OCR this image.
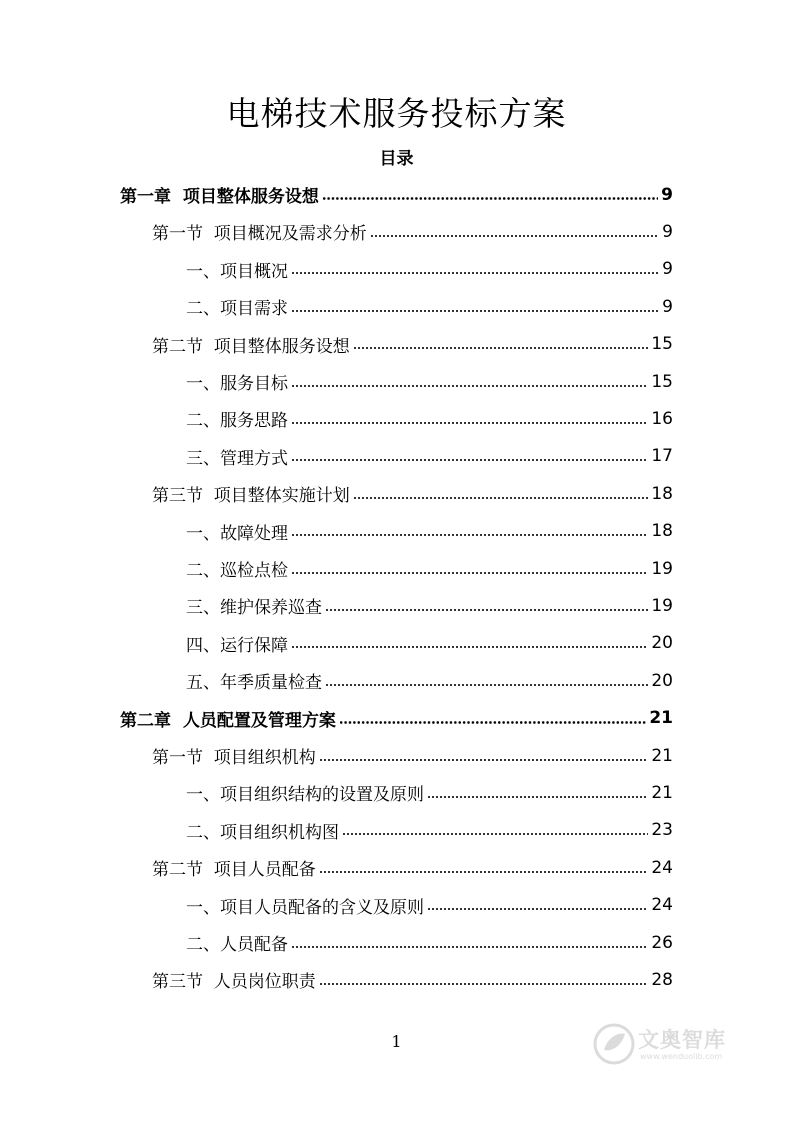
电梯技术服务投标方案
目录
第一章  项目整体服务设想	9
第一节  项目概况及需求分析	9
一、项目概况	9
二、项目需求	9
第二节  项目整体服务设想	15
一、服务目标	15
二、服务思路	16
三、管理方式	17
第三节  项目整体实施计划	18
一、故障处理	18
二、巡检点检	19
三、维护保养巡查	19
四、运行保障	20
五、年季质量检查	20
第二章  人员配置及管理方案	21
第一节  项目组织机构	21
一、项目组织结构的设置及原则	21
二、项目组织机构图	23
第二节  项目人员配备	24
一、项目人员配备的含义及原则	24
二、人员配备	26
第三节  人员岗位职责	28
1	文奥智库
www.wenduolib.com
